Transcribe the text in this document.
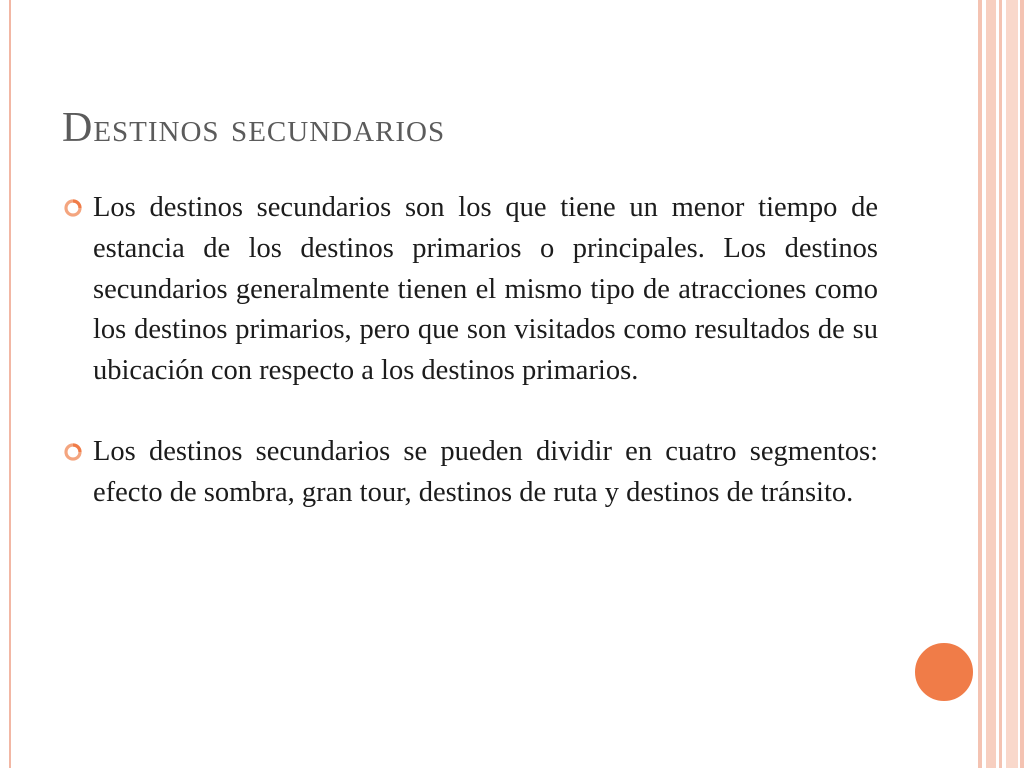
Destinos secundarios
Los destinos secundarios son los que tiene un menor tiempo de estancia de los destinos primarios o principales. Los destinos secundarios generalmente tienen el mismo tipo de atracciones como los destinos primarios, pero que son visitados como resultados de su ubicación con respecto a los destinos primarios.
Los destinos secundarios se pueden dividir en cuatro segmentos: efecto de sombra, gran tour, destinos de ruta y destinos de tránsito.
